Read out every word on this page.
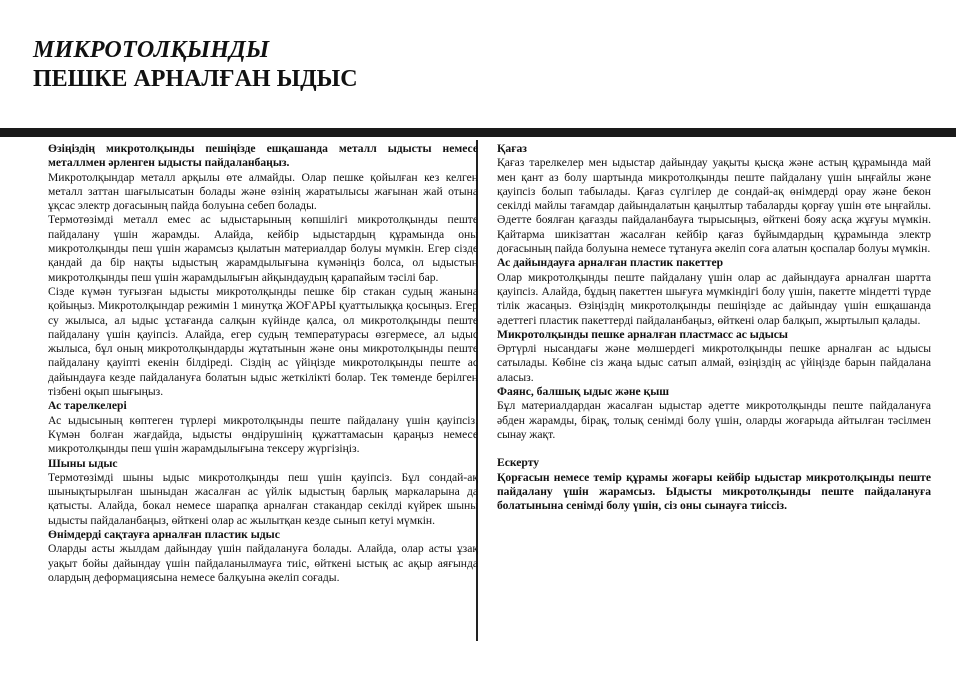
МИКРОТОЛҚЫНДЫ
ПЕШКЕ АРНАЛҒАН ЫДЫС
Өзіңіздің микротолқынды пешіңізде ешқашанда металл ыдысты немесе металлмен әрленген ыдысты пайдаланбаңыз.
Микротолқындар металл арқылы өте алмайды. Олар пешке қойылған кез келген металл заттан шағылысатын болады және өзінің жаратылысы жағынан жай отына ұқсас электр доғасының пайда болуына себеп болады.
Термотөзімді металл емес ас ыдыстарының көпшілігі микротолқынды пеште пайдалану үшін жарамды. Алайда, кейбір ыдыстардың құрамында оны микротолқынды пеш үшін жарамсыз қылатын материалдар болуы мүмкін. Егер сізде қандай да бір нақты ыдыстың жарамдылығына күмәніңіз болса, ол ыдыстың микротолқынды пеш үшін жарамдылығын айқындаудың қарапайым тәсілі бар.
Сізде күмән туғызған ыдысты микротолқынды пешке бір стакан судың жанына қойыңыз. Микротолқындар режимін 1 минутқа ЖОҒАРЫ қуаттылыққа қосыңыз. Егер су жылыса, ал ыдыс ұстағанда салқын күйінде қалса, ол микротолқынды пеште пайдалану үшін қауіпсіз. Алайда, егер судың температурасы өзгермесе, ал ыдыс жылыса, бұл оның микротолқындарды жұтатынын және оны микротолқынды пеште пайдалану қауіпті екенін білдіреді. Сіздің ас үйіңізде микротолқынды пеште ас дайындауға кезде пайдалануға болатын ыдыс жеткілікті болар. Тек төменде берілген тізбені оқып шығыңыз.
Ас тарелкелері
Ас ыдысының көптеген түрлері микротолқынды пеште пайдалану үшін қауіпсіз. Күмән болған жағдайда, ыдысты өндірушінің құжаттамасын қараңыз немесе микротолқынды пеш үшін жарамдылығына тексеру жүргізіңіз.
Шыны ыдыс
Термотөзімді шыны ыдыс микротолқынды пеш үшін қауіпсіз. Бұл сондай-ақ шынықтырылған шыныдан жасалған ас үйлік ыдыстың барлық маркаларына да қатысты. Алайда, бокал немесе шарапқа арналған стакандар секілді күйрек шыны ыдысты пайдаланбаңыз, өйткені олар ас жылытқан кезде сынып кетуі мүмкін.
Өнімдерді сақтауға арналған пластик ыдыс
Оларды асты жылдам дайындау үшін пайдалануға болады. Алайда, олар асты ұзақ уақыт бойы дайындау үшін пайдаланылмауға тиіс, өйткені ыстық ас ақыр аяғында олардың деформациясына немесе балқуына әкеліп соғады.
Қағаз
Қағаз тарелкелер мен ыдыстар дайындау уақыты қысқа және астың құрамында май мен қант аз болу шартында микротолқынды пеште пайдалану үшін ыңғайлы және қауіпсіз болып табылады. Қағаз сүлгілер де сондай-ақ өнімдерді орау және бекон секілді майлы тағамдар дайындалатын қаңылтыр табаларды қорғау үшін өте ыңғайлы. Әдетте боялған қағазды пайдаланбауға тырысыңыз, өйткені бояу асқа жұғуы мүмкін. Қайтарма шикізаттан жасалған кейбір қағаз бұйымдардың құрамында электр доғасының пайда болуына немесе тұтануға әкеліп соға алатын қоспалар болуы мүмкін.
Ас дайындауға арналған пластик пакеттер
Олар микротолқынды пеште пайдалану үшін олар ас дайындауға арналған шартта қауіпсіз. Алайда, бұдың пакеттен шығуға мүмкіндігі болу үшін, пакетте міндетті түрде тілік жасаңыз. Өзіңіздің микротолқынды пешіңізде ас дайындау үшін ешқашанда әдеттегі пластик пакеттерді пайдаланбаңыз, өйткені олар балқып, жыртылып қалады.
Микротолқынды пешке арналған пластмасс ас ыдысы
Әртүрлі нысандағы және мөлшердегі микротолқынды пешке арналған ас ыдысы сатылады. Көбіне сіз жаңа ыдыс сатып алмай, өзіңіздің ас үйіңізде барын пайдалана аласыз.
Фаянс, балшық ыдыс және қыш
Бұл материалдардан жасалған ыдыстар әдетте микротолқынды пеште пайдалануға әбден жарамды, бірақ, толық сенімді болу үшін, оларды жоғарыда айтылған тәсілмен сынау жақт.
Ескерту
Қорғасын немесе темір құрамы жоғары кейбір ыдыстар микротолқынды пеште пайдалану үшін жарамсыз. Ыдысты микротолқынды пеште пайдалануға болатынына сенімді болу үшін, сіз оны сынауға тиіссіз.
